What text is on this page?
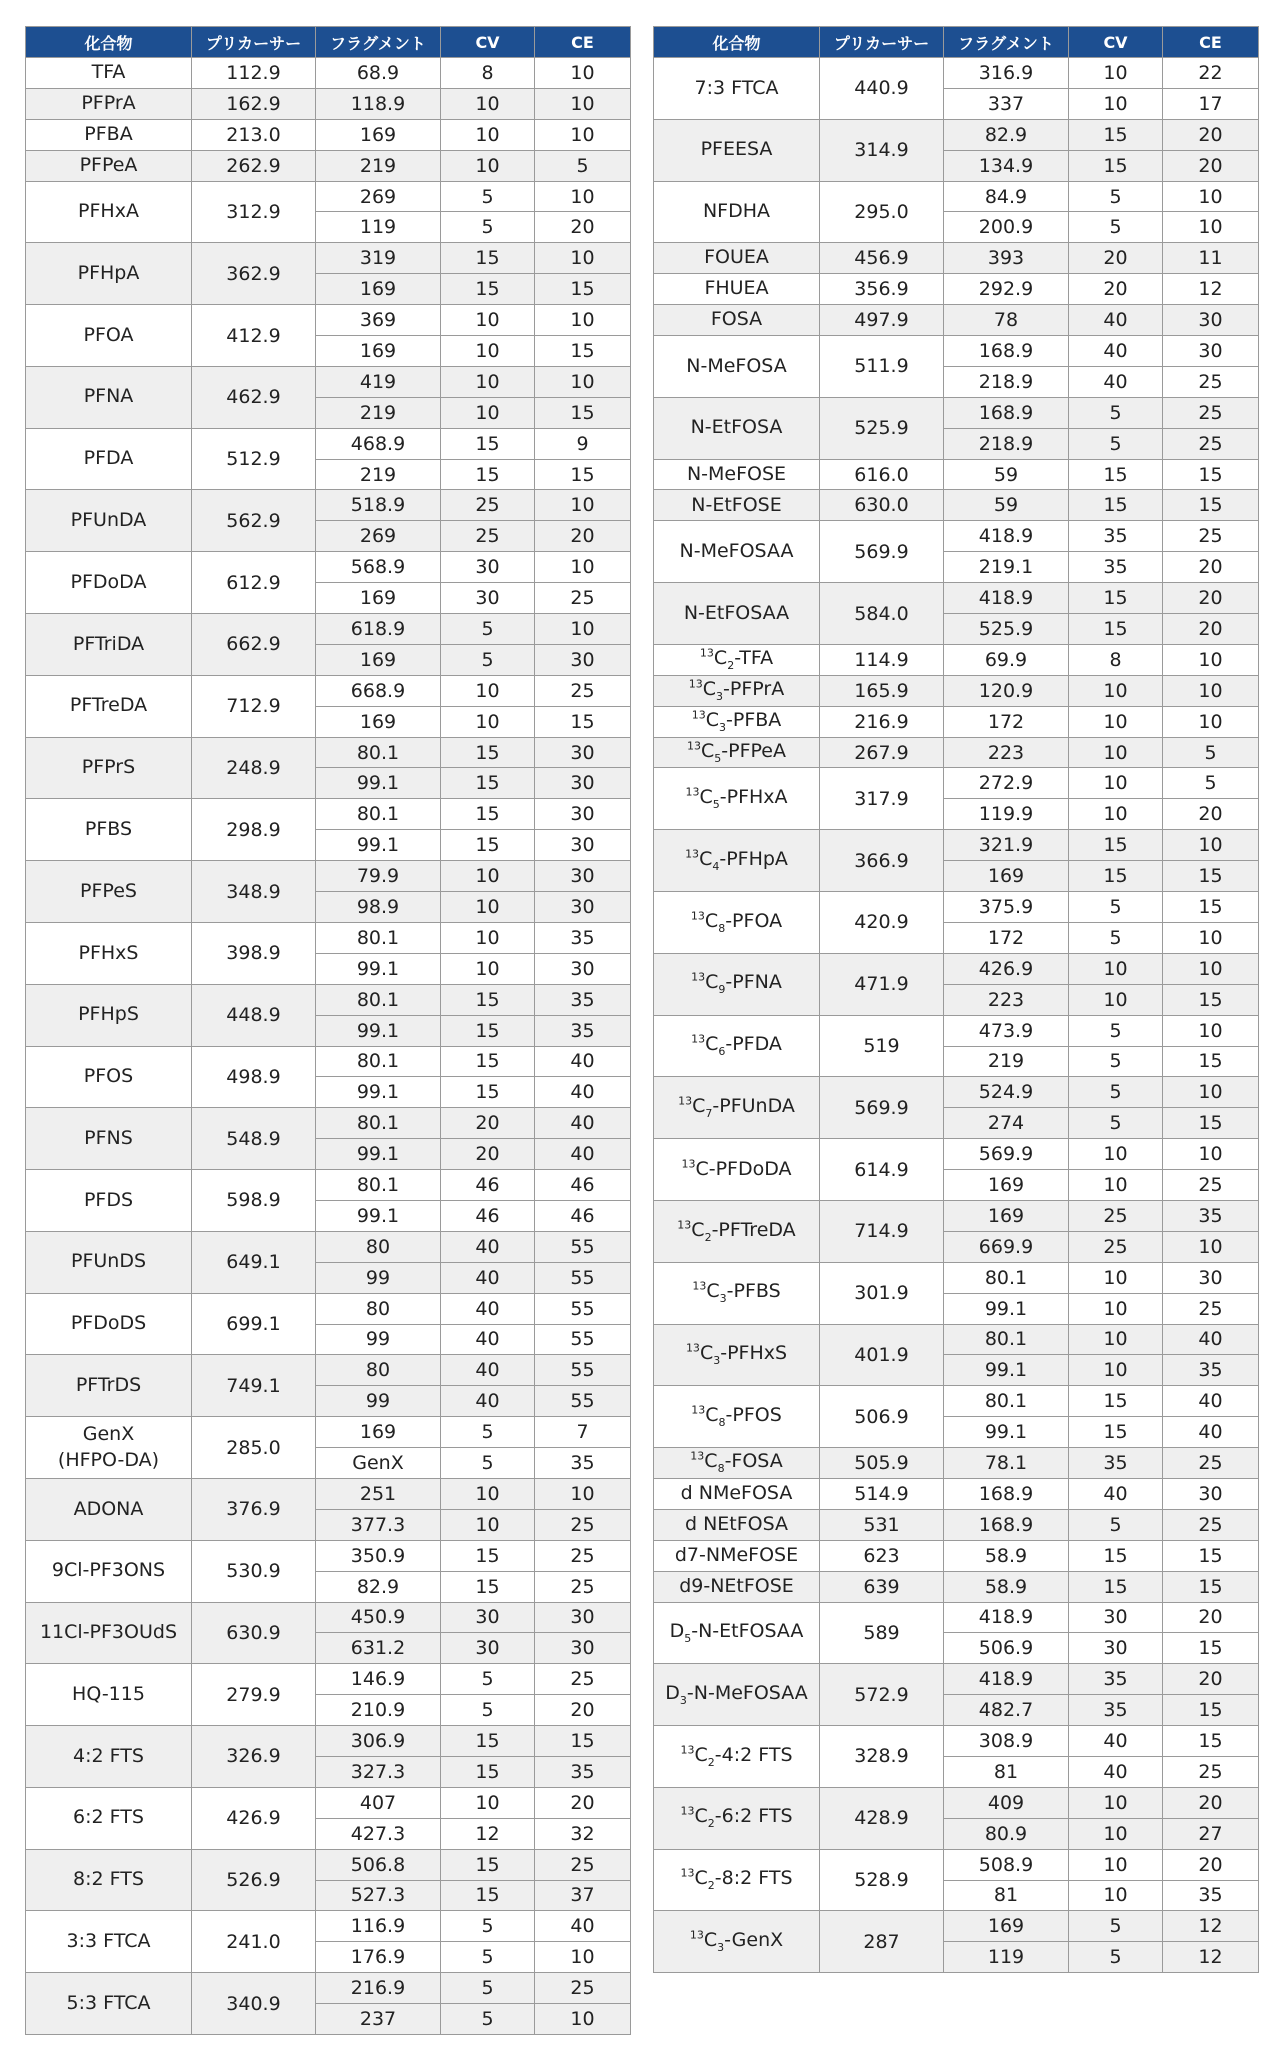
化合物	プリカーサー	フラグメント	CV	CE
TFA	112.9	68.9	8	10
PFPrA	162.9	118.9	10	10
PFBA	213.0	169	10	10
PFPeA	262.9	219	10	5
PFHxA	312.9	269	5	10
		119	5	20
PFHpA	362.9	319	15	10
		169	15	15
PFOA	412.9	369	10	10
		169	10	15
PFNA	462.9	419	10	10
		219	10	15
PFDA	512.9	468.9	15	9
		219	15	15
PFUnDA	562.9	518.9	25	10
		269	25	20
PFDoDA	612.9	568.9	30	10
		169	30	25
PFTriDA	662.9	618.9	5	10
		169	5	30
PFTreDA	712.9	668.9	10	25
		169	10	15
PFPrS	248.9	80.1	15	30
		99.1	15	30
PFBS	298.9	80.1	15	30
		99.1	15	30
PFPeS	348.9	79.9	10	30
		98.9	10	30
PFHxS	398.9	80.1	10	35
		99.1	10	30
PFHpS	448.9	80.1	15	35
		99.1	15	35
PFOS	498.9	80.1	15	40
		99.1	15	40
PFNS	548.9	80.1	20	40
		99.1	20	40
PFDS	598.9	80.1	46	46
		99.1	46	46
PFUnDS	649.1	80	40	55
		99	40	55
PFDoDS	699.1	80	40	55
		99	40	55
PFTrDS	749.1	80	40	55
		99	40	55
GenX
(HFPO-DA)	285.0	169	5	7
		GenX	5	35
ADONA	376.9	251	10	10
		377.3	10	25
9Cl-PF3ONS	530.9	350.9	15	25
		82.9	15	25
11Cl-PF3OUdS	630.9	450.9	30	30
		631.2	30	30
HQ-115	279.9	146.9	5	25
		210.9	5	20
4:2 FTS	326.9	306.9	15	15
		327.3	15	35
6:2 FTS	426.9	407	10	20
		427.3	12	32
8:2 FTS	526.9	506.8	15	25
		527.3	15	37
3:3 FTCA	241.0	116.9	5	40
		176.9	5	10
5:3 FTCA	340.9	216.9	5	25
		237	5	10
化合物	プリカーサー	フラグメント	CV	CE
7:3 FTCA	440.9	316.9	10	22
		337	10	17
PFEESA	314.9	82.9	15	20
		134.9	15	20
NFDHA	295.0	84.9	5	10
		200.9	5	10
FOUEA	456.9	393	20	11
FHUEA	356.9	292.9	20	12
FOSA	497.9	78	40	30
N-MeFOSA	511.9	168.9	40	30
		218.9	40	25
N-EtFOSA	525.9	168.9	5	25
		218.9	5	25
N-MeFOSE	616.0	59	15	15
N-EtFOSE	630.0	59	15	15
N-MeFOSAA	569.9	418.9	35	25
		219.1	35	20
N-EtFOSAA	584.0	418.9	15	20
		525.9	15	20
$^{13}C_2$-TFA	114.9	69.9	8	10
$^{13}C_3$-PFPrA	165.9	120.9	10	10
$^{13}C_3$-PFBA	216.9	172	10	10
$^{13}C_5$-PFPeA	267.9	223	10	5
$^{13}C_5$-PFHxA	317.9	272.9	10	5
		119.9	10	20
$^{13}C_4$-PFHpA	366.9	321.9	15	10
		169	15	15
$^{13}C_8$-PFOA	420.9	375.9	5	15
		172	5	10
$^{13}C_9$-PFNA	471.9	426.9	10	10
		223	10	15
$^{13}C_6$-PFDA	519	473.9	5	10
		219	5	15
$^{13}C_7$-PFUnDA	569.9	524.9	5	10
		274	5	15
$^{13}$C-PFDoDA	614.9	569.9	10	10
		169	10	25
$^{13}C_2$-PFTreDA	714.9	169	25	35
		669.9	25	10
$^{13}C_3$-PFBS	301.9	80.1	10	30
		99.1	10	25
$^{13}C_3$-PFHxS	401.9	80.1	10	40
		99.1	10	35
$^{13}C_8$-PFOS	506.9	80.1	15	40
		99.1	15	40
$^{13}C_8$-FOSA	505.9	78.1	35	25
d NMeFOSA	514.9	168.9	40	30
d NEtFOSA	531	168.9	5	25
d7-NMeFOSE	623	58.9	15	15
d9-NEtFOSE	639	58.9	15	15
$D_5-N$-EtFOSAA	589	418.9	30	20
		506.9	30	15
$D_3-N$-MeFOSAA	572.9	418.9	35	20
		482.7	35	15
$^{13}C_2-4:2$ FTS	328.9	308.9	40	15
		81	40	25
$^{13}C_2-6:2$ FTS	428.9	409	10	20
		80.9	10	27
$^{13}C_2-8:2$ FTS	528.9	508.9	10	20
		81	10	35
$^{13}C_3$-GenX	287	169	5	12
		119	5	12
